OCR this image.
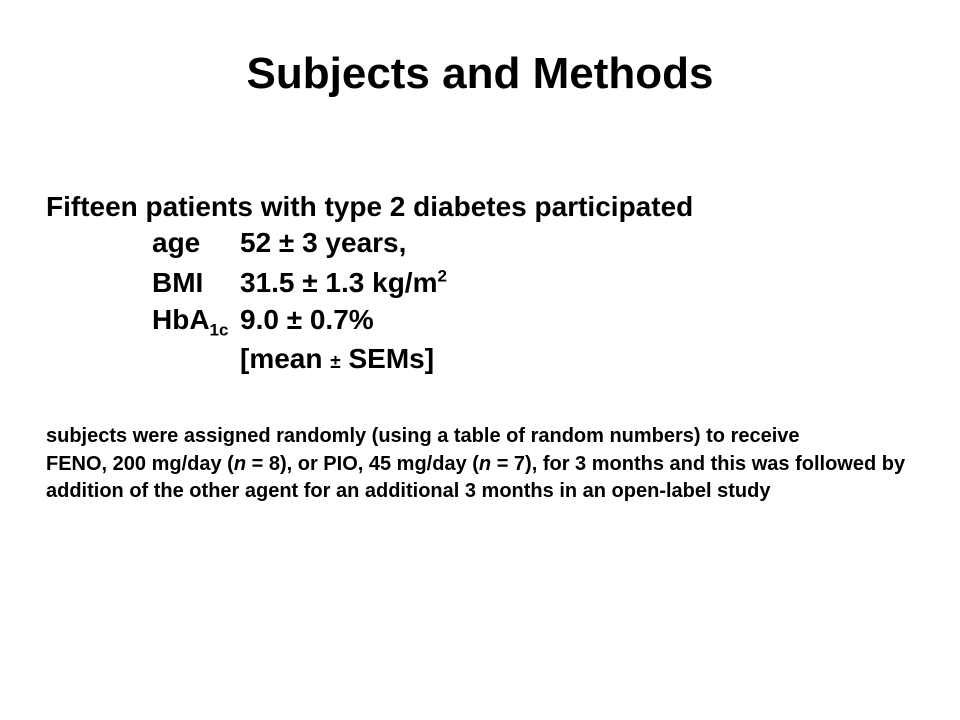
Subjects and Methods
Fifteen patients with type 2 diabetes participated
age 52 ± 3 years,
BMI 31.5 ± 1.3 $kg/m^2$
HbA$_{1c}$ 9.0 ± 0.7%
[mean ± SEMs]

subjects were assigned randomly (using a table of random numbers) to receive

FENO, 200 mg/day (n = 8), or PIO, 45 mg/day (n = 7), for 3 months and this was followed by addition of the other agent for an additional 3 months in an open-label study
